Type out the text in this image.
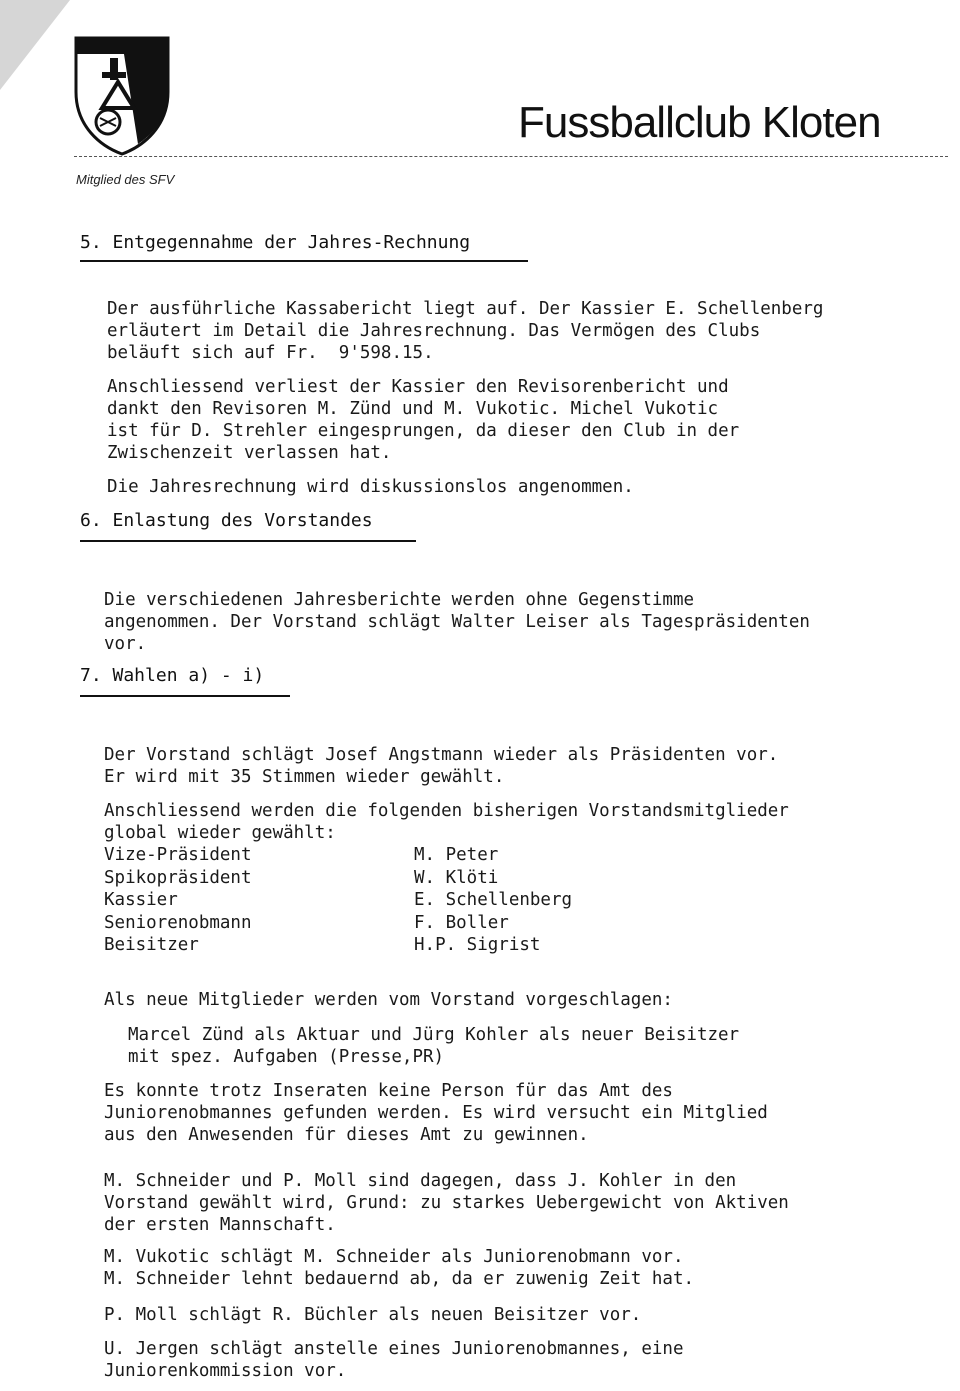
Fussballclub Kloten
Mitglied des SFV
5. Entgegennahme der Jahres-Rechnung

Der ausführliche Kassabericht liegt auf. Der Kassier E. Schellenberg
erläutert im Detail die Jahresrechnung. Das Vermögen des Clubs
beläuft sich auf Fr.  9'598.15.

Anschliessend verliest der Kassier den Revisorenbericht und
dankt den Revisoren M. Zünd und M. Vukotic. Michel Vukotic
ist für D. Strehler eingesprungen, da dieser den Club in der
Zwischenzeit verlassen hat.

Die Jahresrechnung wird diskussionslos angenommen.
6. Enlastung des Vorstandes

Die verschiedenen Jahresberichte werden ohne Gegenstimme
angenommen. Der Vorstand schlägt Walter Leiser als Tagespräsidenten
vor.
7. Wahlen a) - i)

Der Vorstand schlägt Josef Angstmann wieder als Präsidenten vor.
Er wird mit 35 Stimmen wieder gewählt.

Anschliessend werden die folgenden bisherigen Vorstandsmitglieder
global wieder gewählt:
Vize-Präsident
Spikopräsident
Kassier
Seniorenobmann
Beisitzer
M. Peter
W. Klöti
E. Schellenberg
F. Boller
H.P. Sigrist

Als neue Mitglieder werden vom Vorstand vorgeschlagen:

Marcel Zünd als Aktuar und Jürg Kohler als neuer Beisitzer
mit spez. Aufgaben (Presse,PR)

Es konnte trotz Inseraten keine Person für das Amt des
Juniorenobmannes gefunden werden. Es wird versucht ein Mitglied
aus den Anwesenden für dieses Amt zu gewinnen.

M. Schneider und P. Moll sind dagegen, dass J. Kohler in den
Vorstand gewählt wird, Grund: zu starkes Uebergewicht von Aktiven
der ersten Mannschaft.

M. Vukotic schlägt M. Schneider als Juniorenobmann vor.
M. Schneider lehnt bedauernd ab, da er zuwenig Zeit hat.

P. Moll schlägt R. Büchler als neuen Beisitzer vor.

U. Jergen schlägt anstelle eines Juniorenobmannes, eine
Juniorenkommission vor.
